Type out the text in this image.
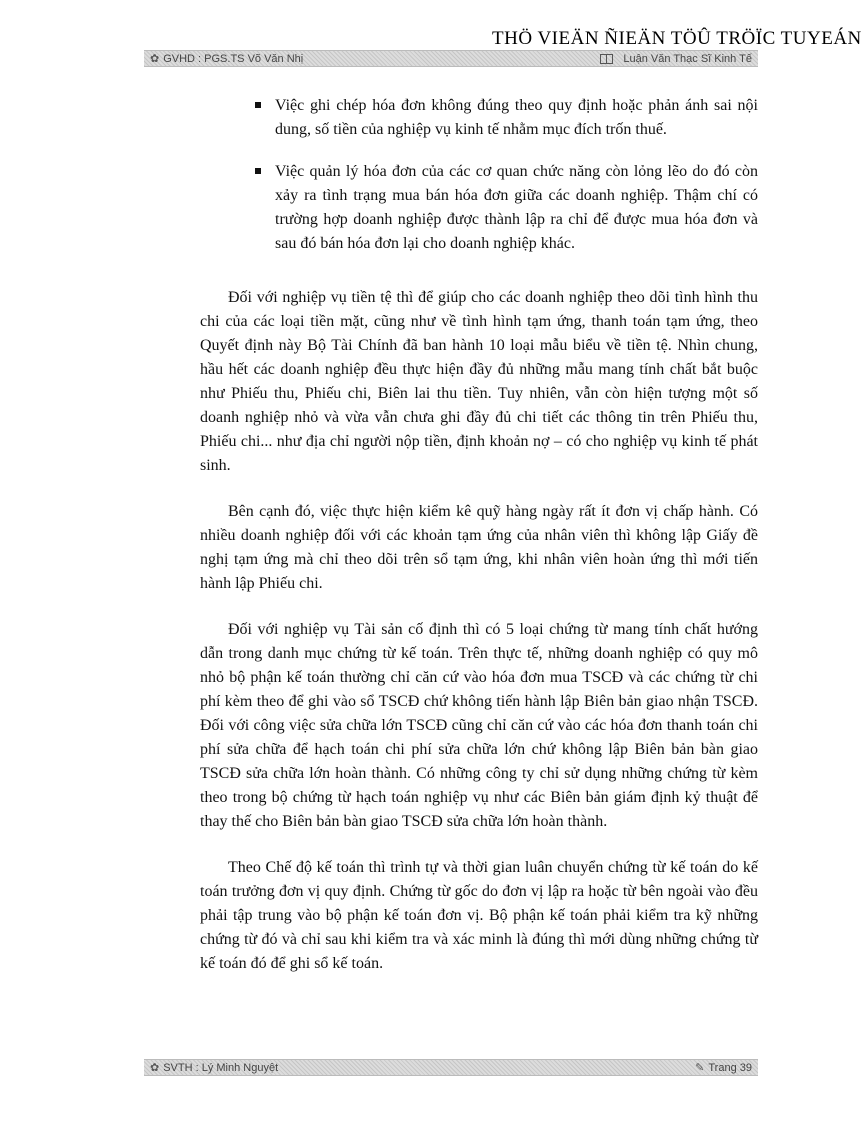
THÖ VIEÄN ÑIEÄN TÖÛ TRÖÏC TUYEÁN
✿ GVHD : PGS.TS Võ Văn Nhị	Luận Văn Thạc Sĩ Kinh Tế
Việc ghi chép hóa đơn không đúng theo quy định hoặc phản ánh sai nội dung, số tiền của nghiệp vụ kinh tế nhằm mục đích trốn thuế.
Việc quản lý hóa đơn của các cơ quan chức năng còn lỏng lẽo do đó còn xảy ra tình trạng mua bán hóa đơn giữa các doanh nghiệp. Thậm chí có trường hợp doanh nghiệp được thành lập ra chỉ để được mua hóa đơn và sau đó bán hóa đơn lại cho doanh nghiệp khác.

Đối với nghiệp vụ tiền tệ thì để giúp cho các doanh nghiệp theo dõi tình hình thu chi của các loại tiền mặt, cũng như về tình hình tạm ứng, thanh toán tạm ứng, theo Quyết định này Bộ Tài Chính đã ban hành 10 loại mẫu biểu về tiền tệ. Nhìn chung, hầu hết các doanh nghiệp đều thực hiện đầy đủ những mẫu mang tính chất bắt buộc như Phiếu thu, Phiếu chi, Biên lai thu tiền. Tuy nhiên, vẫn còn hiện tượng một số doanh nghiệp nhỏ và vừa vẫn chưa ghi đầy đủ chi tiết các thông tin trên Phiếu thu, Phiếu chi... như địa chỉ người nộp tiền, định khoản nợ – có cho nghiệp vụ kinh tế phát sinh.

Bên cạnh đó, việc thực hiện kiểm kê quỹ hàng ngày rất ít đơn vị chấp hành. Có nhiều doanh nghiệp đối với các khoản tạm ứng của nhân viên thì không lập Giấy đề nghị tạm ứng mà chỉ theo dõi trên sổ tạm ứng, khi nhân viên hoàn ứng thì mới tiến hành lập Phiếu chi.

Đối với nghiệp vụ Tài sản cố định thì có 5 loại chứng từ mang tính chất hướng dẫn trong danh mục chứng từ kế toán. Trên thực tế, những doanh nghiệp có quy mô nhỏ bộ phận kế toán thường chỉ căn cứ vào hóa đơn mua TSCĐ và các chứng từ chi phí kèm theo để ghi vào sổ TSCĐ chứ không tiến hành lập Biên bản giao nhận TSCĐ. Đối với công việc sửa chữa lớn TSCĐ cũng chỉ căn cứ vào các hóa đơn thanh toán chi phí sửa chữa để hạch toán chi phí sửa chữa lớn chứ không lập Biên bản bàn giao TSCĐ sửa chữa lớn hoàn thành. Có những công ty chỉ sử dụng những chứng từ kèm theo trong bộ chứng từ hạch toán nghiệp vụ như các Biên bản giám định kỷ thuật để thay thế cho Biên bản bàn giao TSCĐ sửa chữa lớn hoàn thành.

Theo Chế độ kế toán thì trình tự và thời gian luân chuyển chứng từ kế toán do kế toán trưởng đơn vị quy định. Chứng từ gốc do đơn vị lập ra hoặc từ bên ngoài vào đều phải tập trung vào bộ phận kế toán đơn vị. Bộ phận kế toán phải kiểm tra kỹ những chứng từ đó và chỉ sau khi kiểm tra và xác minh là đúng thì mới dùng những chứng từ kế toán đó để ghi sổ kế toán.

✿ SVTH : Lý Minh Nguyệt	✎ Trang 39
